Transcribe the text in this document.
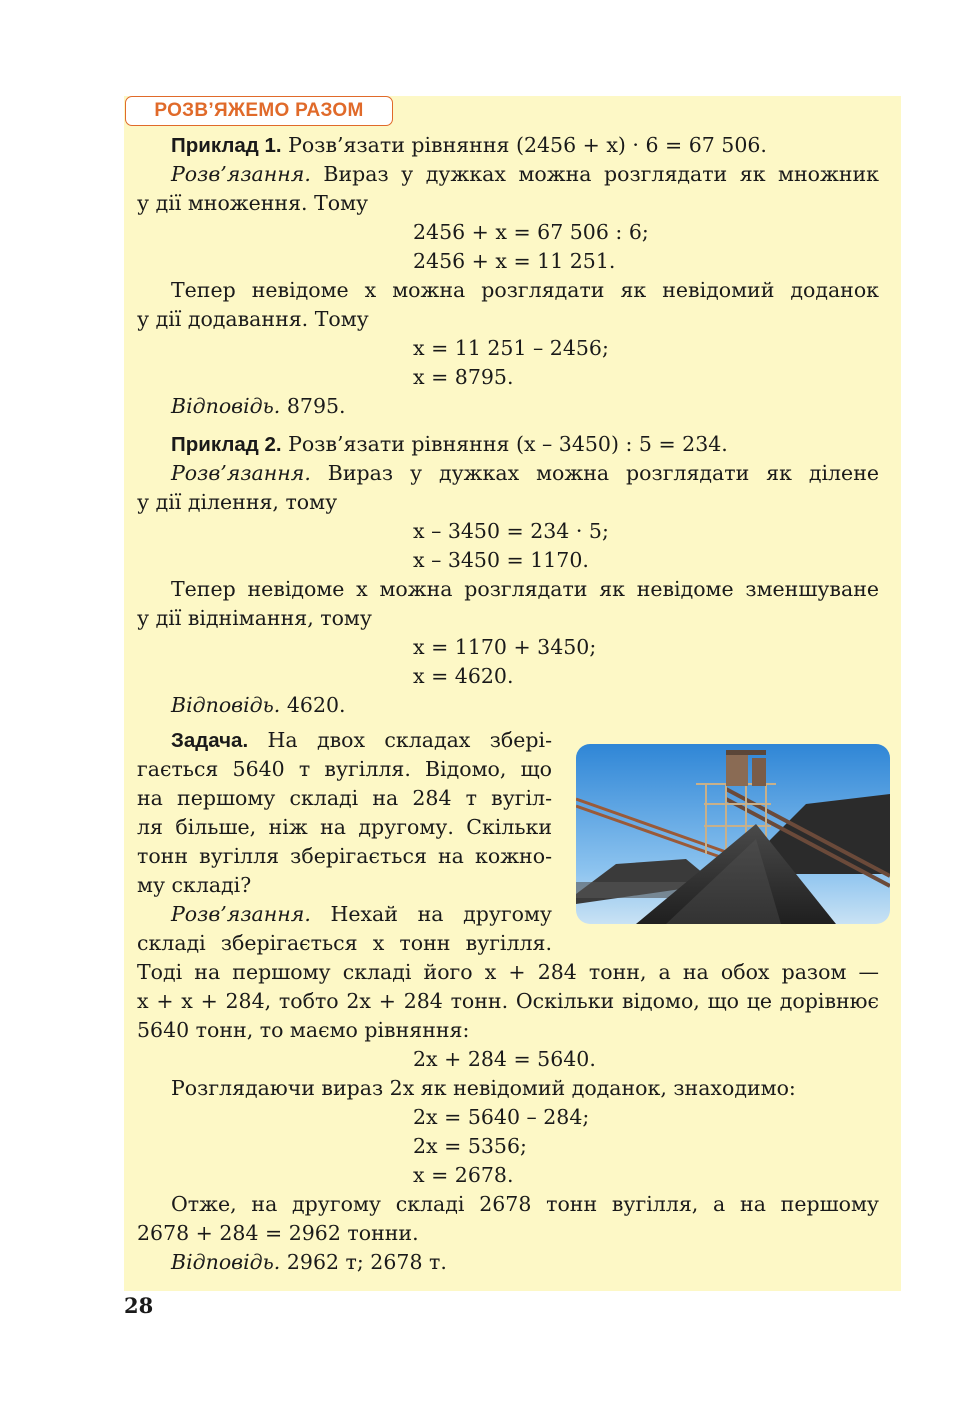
РОЗВ’ЯЖЕМО РАЗОМ
Приклад 1. Розв’язати рівняння (2456 + x) · 6 = 67 506.
Розв’язання. Вираз у дужках можна розглядати як множник
у дії множення. Тому
2456 + x = 67 506 : 6;
2456 + x = 11 251.
Тепер невідоме x можна розглядати як невідомий доданок
у дії додавання. Тому
x = 11 251 – 2456;
x = 8795.
Відповідь. 8795.
Приклад 2. Розв’язати рівняння (x – 3450) : 5 = 234.
Розв’язання. Вираз у дужках можна розглядати як ділене
у дії ділення, тому
x – 3450 = 234 · 5;
x – 3450 = 1170.
Тепер невідоме x можна розглядати як невідоме зменшуване
у дії віднімання, тому
x = 1170 + 3450;
x = 4620.
Відповідь. 4620.
Задача. На двох складах збері-
гається 5640 т вугілля. Відомо, що
на першому складі на 284 т вугіл-
ля більше, ніж на другому. Скільки
тонн вугілля зберігається на кожно-
му складі?
Розв’язання. Нехай на другому
складі зберігається x тонн вугілля.
Тоді на першому складі його x + 284 тонн, а на обох разом —
x + x + 284, тобто 2x + 284 тонн. Оскільки відомо, що це дорівнює
5640 тонн, то маємо рівняння:
2x + 284 = 5640.
Розглядаючи вираз 2x як невідомий доданок, знаходимо:
2x = 5640 – 284;
2x = 5356;
x = 2678.
Отже, на другому складі 2678 тонн вугілля, а на першому
2678 + 284 = 2962 тонни.
Відповідь. 2962 т; 2678 т.
28
